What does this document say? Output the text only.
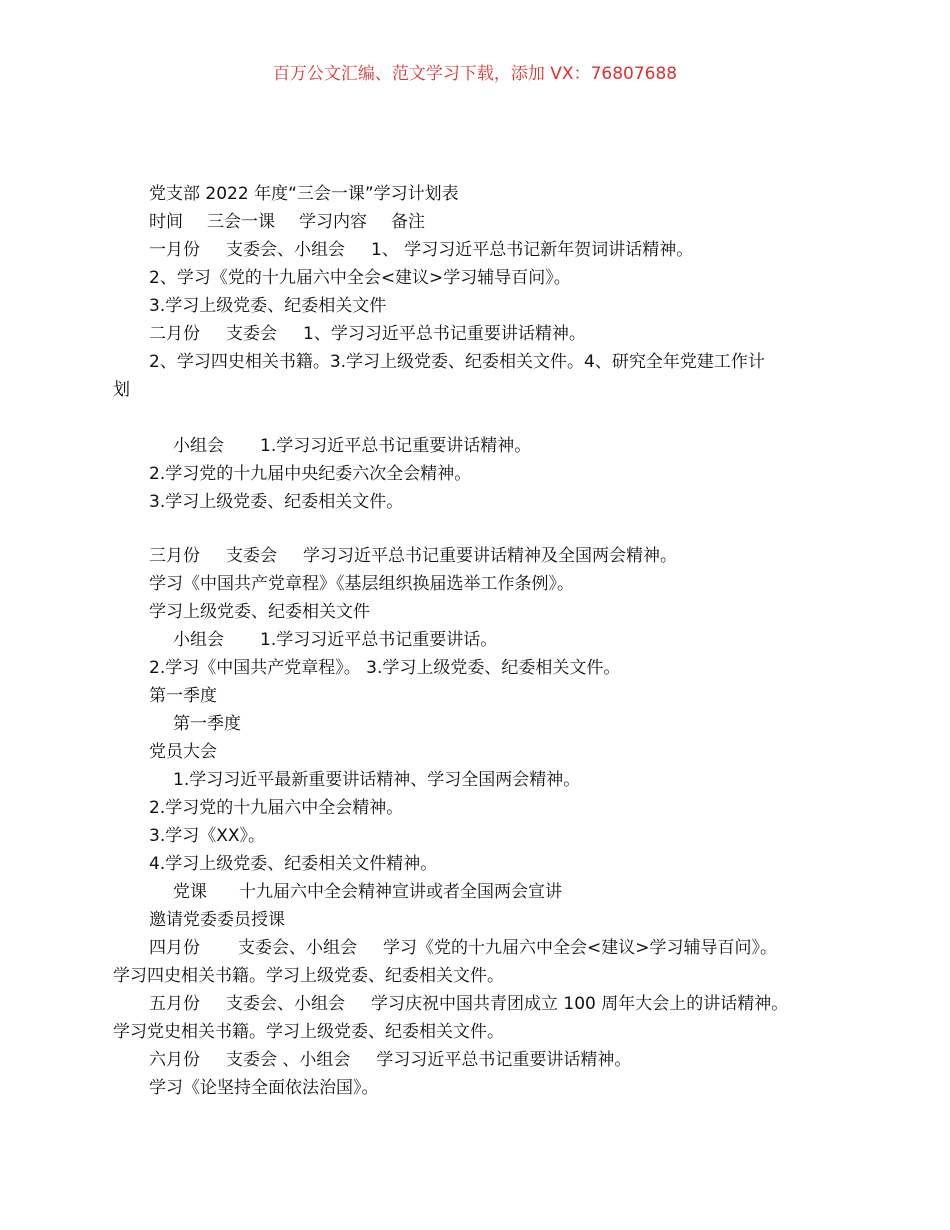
百万公文汇编、范文学习下载，添加 VX：76807688
党支部 2022 年度“三会一课”学习计划表
时间 三会一课 学习内容 备注
一月份 支委会、小组会 1、 学习习近平总书记新年贺词讲话精神。
2、学习《党的十九届六中全会<建议>学习辅导百问》。
3.学习上级党委、纪委相关文件
二月份 支委会 1、学习习近平总书记重要讲话精神。
2、学习四史相关书籍。3.学习上级党委、纪委相关文件。4、研究全年党建工作计
划
小组会 1.学习习近平总书记重要讲话精神。
2.学习党的十九届中央纪委六次全会精神。
3.学习上级党委、纪委相关文件。
三月份 支委会 学习习近平总书记重要讲话精神及全国两会精神。
学习《中国共产党章程》《基层组织换届选举工作条例》。
学习上级党委、纪委相关文件
小组会 1.学习习近平总书记重要讲话。
2.学习《中国共产党章程》。 3.学习上级党委、纪委相关文件。
第一季度
第一季度
党员大会
1.学习习近平最新重要讲话精神、学习全国两会精神。
2.学习党的十九届六中全会精神。
3.学习《XX》。
4.学习上级党委、纪委相关文件精神。
党课 十九届六中全会精神宣讲或者全国两会宣讲
邀请党委委员授课
四月份 支委会、小组会 学习《党的十九届六中全会<建议>学习辅导百问》。
学习四史相关书籍。学习上级党委、纪委相关文件。
五月份 支委会、小组会 学习庆祝中国共青团成立 100 周年大会上的讲话精神。
学习党史相关书籍。学习上级党委、纪委相关文件。
六月份 支委会 、小组会 学习习近平总书记重要讲话精神。
学习《论坚持全面依法治国》。
